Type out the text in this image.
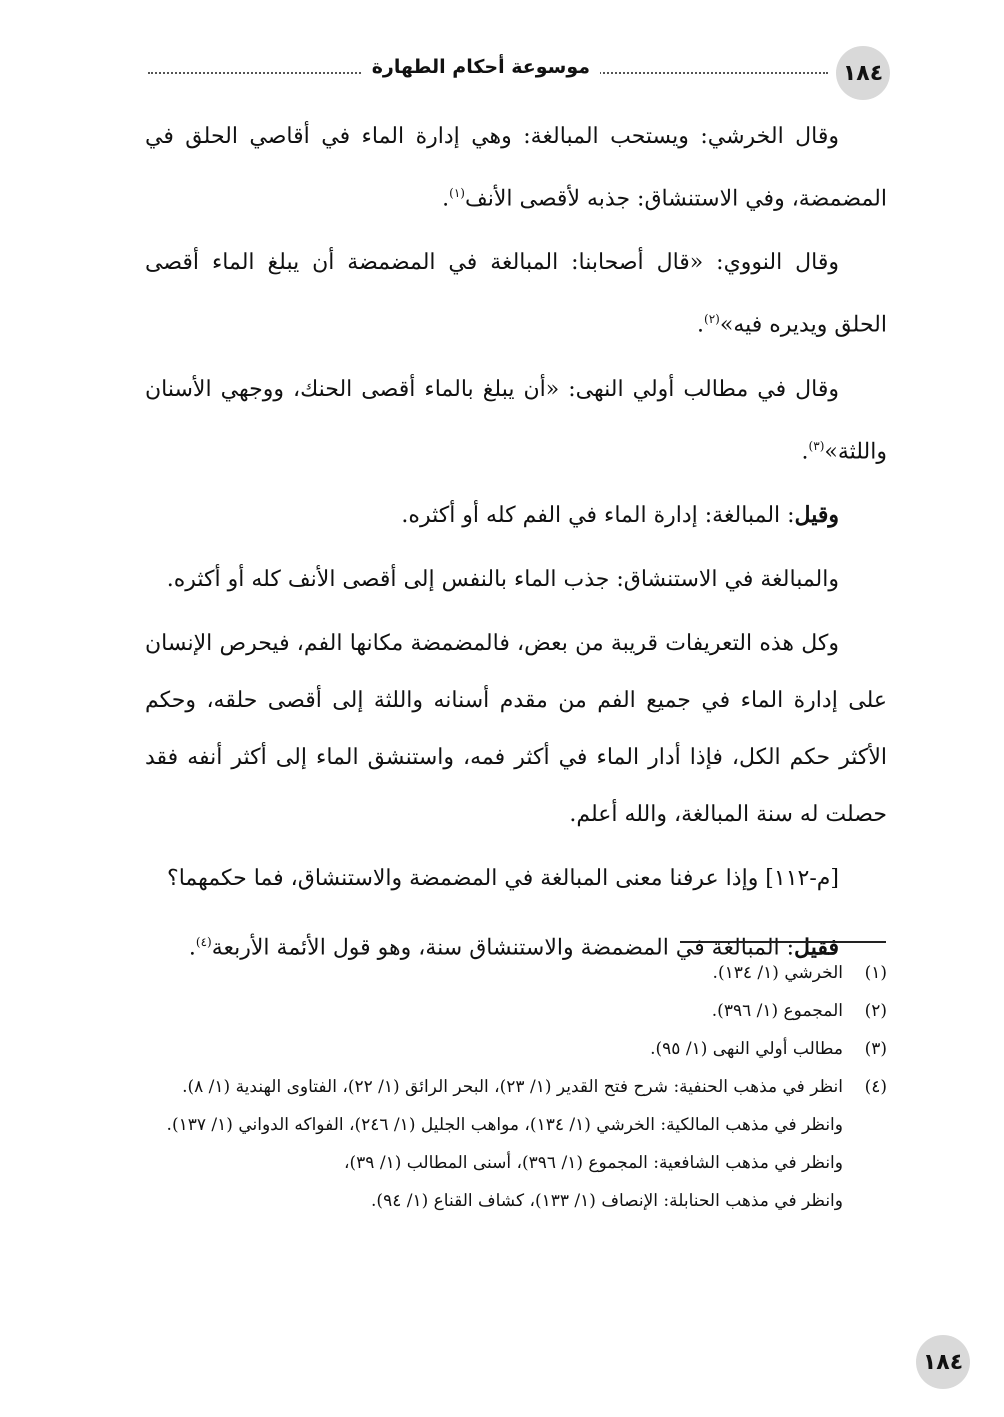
١٨٤
موسوعة أحكام الطهارة

وقال الخرشي: ويستحب المبالغة: وهي إدارة الماء في أقاصي الحلق في المضمضة، وفي الاستنشاق: جذبه لأقصى الأنف$^{(١)}$.

وقال النووي: «قال أصحابنا: المبالغة في المضمضة أن يبلغ الماء أقصى الحلق ويديره فيه»$^{(٢)}$.

وقال في مطالب أولي النهى: «أن يبلغ بالماء أقصى الحنك، ووجهي الأسنان واللثة»$^{(٣)}$.

وقيل: المبالغة: إدارة الماء في الفم كله أو أكثره.

والمبالغة في الاستنشاق: جذب الماء بالنفس إلى أقصى الأنف كله أو أكثره.

وكل هذه التعريفات قريبة من بعض، فالمضمضة مكانها الفم، فيحرص الإنسان على إدارة الماء في جميع الفم من مقدم أسنانه واللثة إلى أقصى حلقه، وحكم الأكثر حكم الكل، فإذا أدار الماء في أكثر فمه، واستنشق الماء إلى أكثر أنفه فقد حصلت له سنة المبالغة، والله أعلم.

[م-١١٢] وإذا عرفنا معنى المبالغة في المضمضة والاستنشاق، فما حكمهما؟

فقيل: المبالغة في المضمضة والاستنشاق سنة، وهو قول الأئمة الأربعة$^{(٤)}$.

(١)
الخرشي (١/ ١٣٤).
(٢)
المجموع (١/ ٣٩٦).
(٣)
مطالب أولي النهى (١/ ٩٥).
(٤)
انظر في مذهب الحنفية: شرح فتح القدير (١/ ٢٣)، البحر الرائق (١/ ٢٢)، الفتاوى الهندية (١/ ٨).
وانظر في مذهب المالكية: الخرشي (١/ ١٣٤)، مواهب الجليل (١/ ٢٤٦)، الفواكه الدواني (١/ ١٣٧).
وانظر في مذهب الشافعية: المجموع (١/ ٣٩٦)، أسنى المطالب (١/ ٣٩)،
وانظر في مذهب الحنابلة: الإنصاف (١/ ١٣٣)، كشاف القناع (١/ ٩٤).
١٨٤
